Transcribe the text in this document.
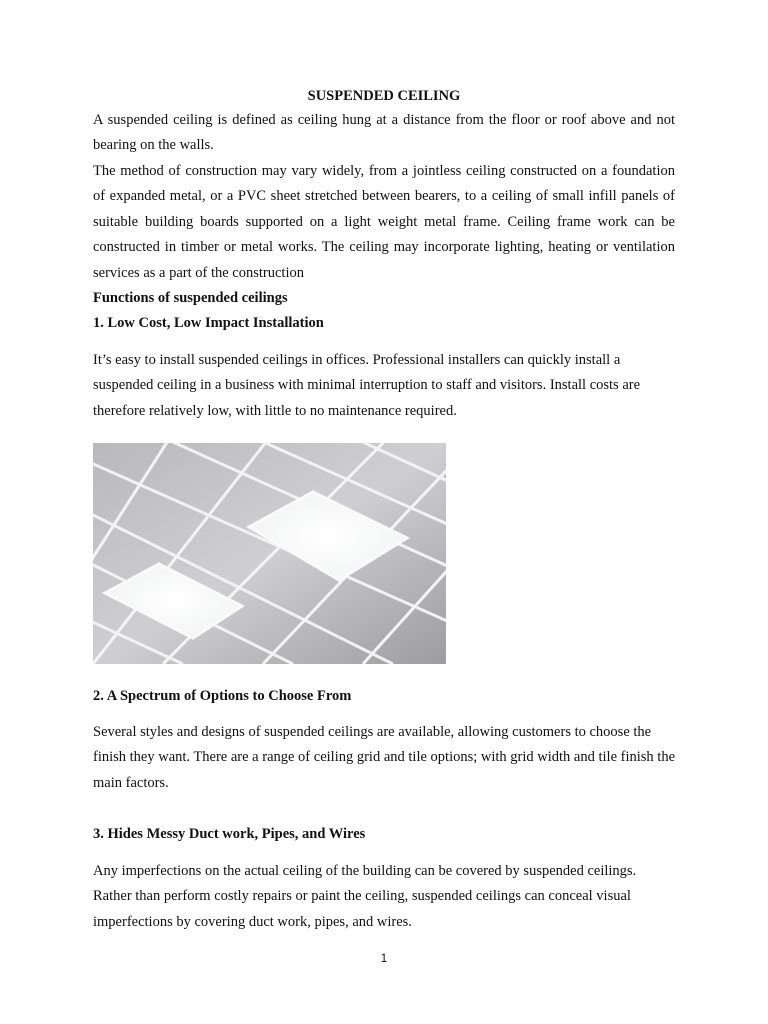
SUSPENDED CEILING
A suspended ceiling is defined as ceiling hung at a distance from the floor or roof above and not bearing on the walls.
The method of construction may vary widely, from a jointless ceiling constructed on a foundation of expanded metal, or a PVC sheet stretched between bearers, to a ceiling of small infill panels of suitable building boards supported on a light weight metal frame. Ceiling frame work can be constructed in timber or metal works. The ceiling may incorporate lighting, heating or ventilation services as a part of the construction
Functions of suspended ceilings
1. Low Cost, Low Impact Installation
It’s easy to install suspended ceilings in offices. Professional installers can quickly install a suspended ceiling in a business with minimal interruption to staff and visitors. Install costs are therefore relatively low, with little to no maintenance required.
2. A Spectrum of Options to Choose From
Several styles and designs of suspended ceilings are available, allowing customers to choose the finish they want. There are a range of ceiling grid and tile options; with grid width and tile finish the main factors.
3. Hides Messy Duct work, Pipes, and Wires
Any imperfections on the actual ceiling of the building can be covered by suspended ceilings. Rather than perform costly repairs or paint the ceiling, suspended ceilings can conceal visual imperfections by covering duct work, pipes, and wires.
1
